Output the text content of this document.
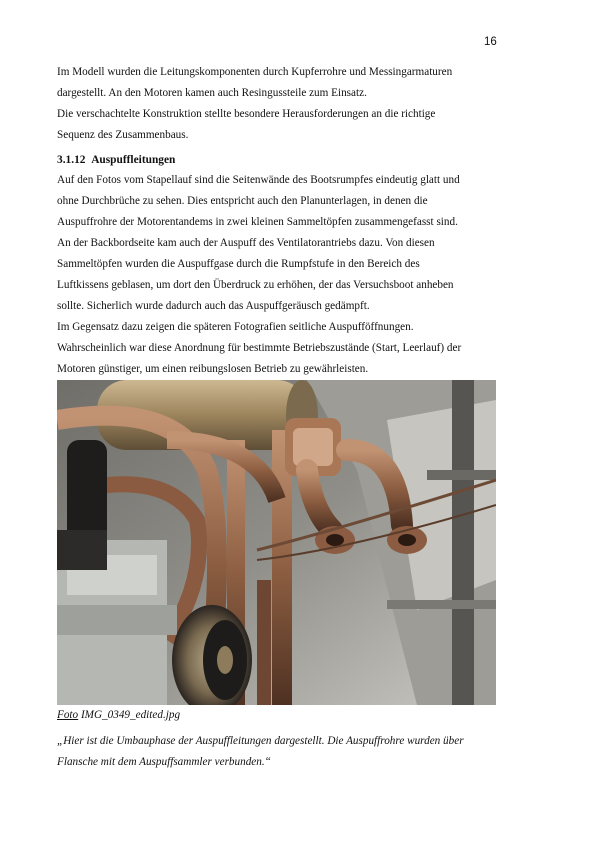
16

Im Modell wurden die Leitungskomponenten durch Kupferrohre und Messingarmaturen
dargestellt. An den Motoren kamen auch Resingussteile zum Einsatz.
Die verschachtelte Konstruktion stellte besondere Herausforderungen an die richtige
Sequenz des Zusammenbaus.

3.1.12 Auspuffleitungen

Auf den Fotos vom Stapellauf sind die Seitenwände des Bootsrumpfes eindeutig glatt und
ohne Durchbrüche zu sehen. Dies entspricht auch den Planunterlagen, in denen die
Auspuffrohre der Motorentandems in zwei kleinen Sammeltöpfen zusammengefasst sind.
An der Backbordseite kam auch der Auspuff des Ventilatorantriebs dazu. Von diesen
Sammeltöpfen wurden die Auspuffgase durch die Rumpfstufe in den Bereich des
Luftkissens geblasen, um dort den Überdruck zu erhöhen, der das Versuchsboot anheben
sollte. Sicherlich wurde dadurch auch das Auspuffgeräusch gedämpft.
Im Gegensatz dazu zeigen die späteren Fotografien seitliche Auspufföffnungen.
Wahrscheinlich war diese Anordnung für bestimmte Betriebszustände (Start, Leerlauf) der
Motoren günstiger, um einen reibungslosen Betrieb zu gewährleisten.

Foto IMG_0349_edited.jpg
„Hier ist die Umbauphase der Auspuffleitungen dargestellt. Die Auspuffrohre wurden über
Flansche mit dem Auspuffsammler verbunden.“
